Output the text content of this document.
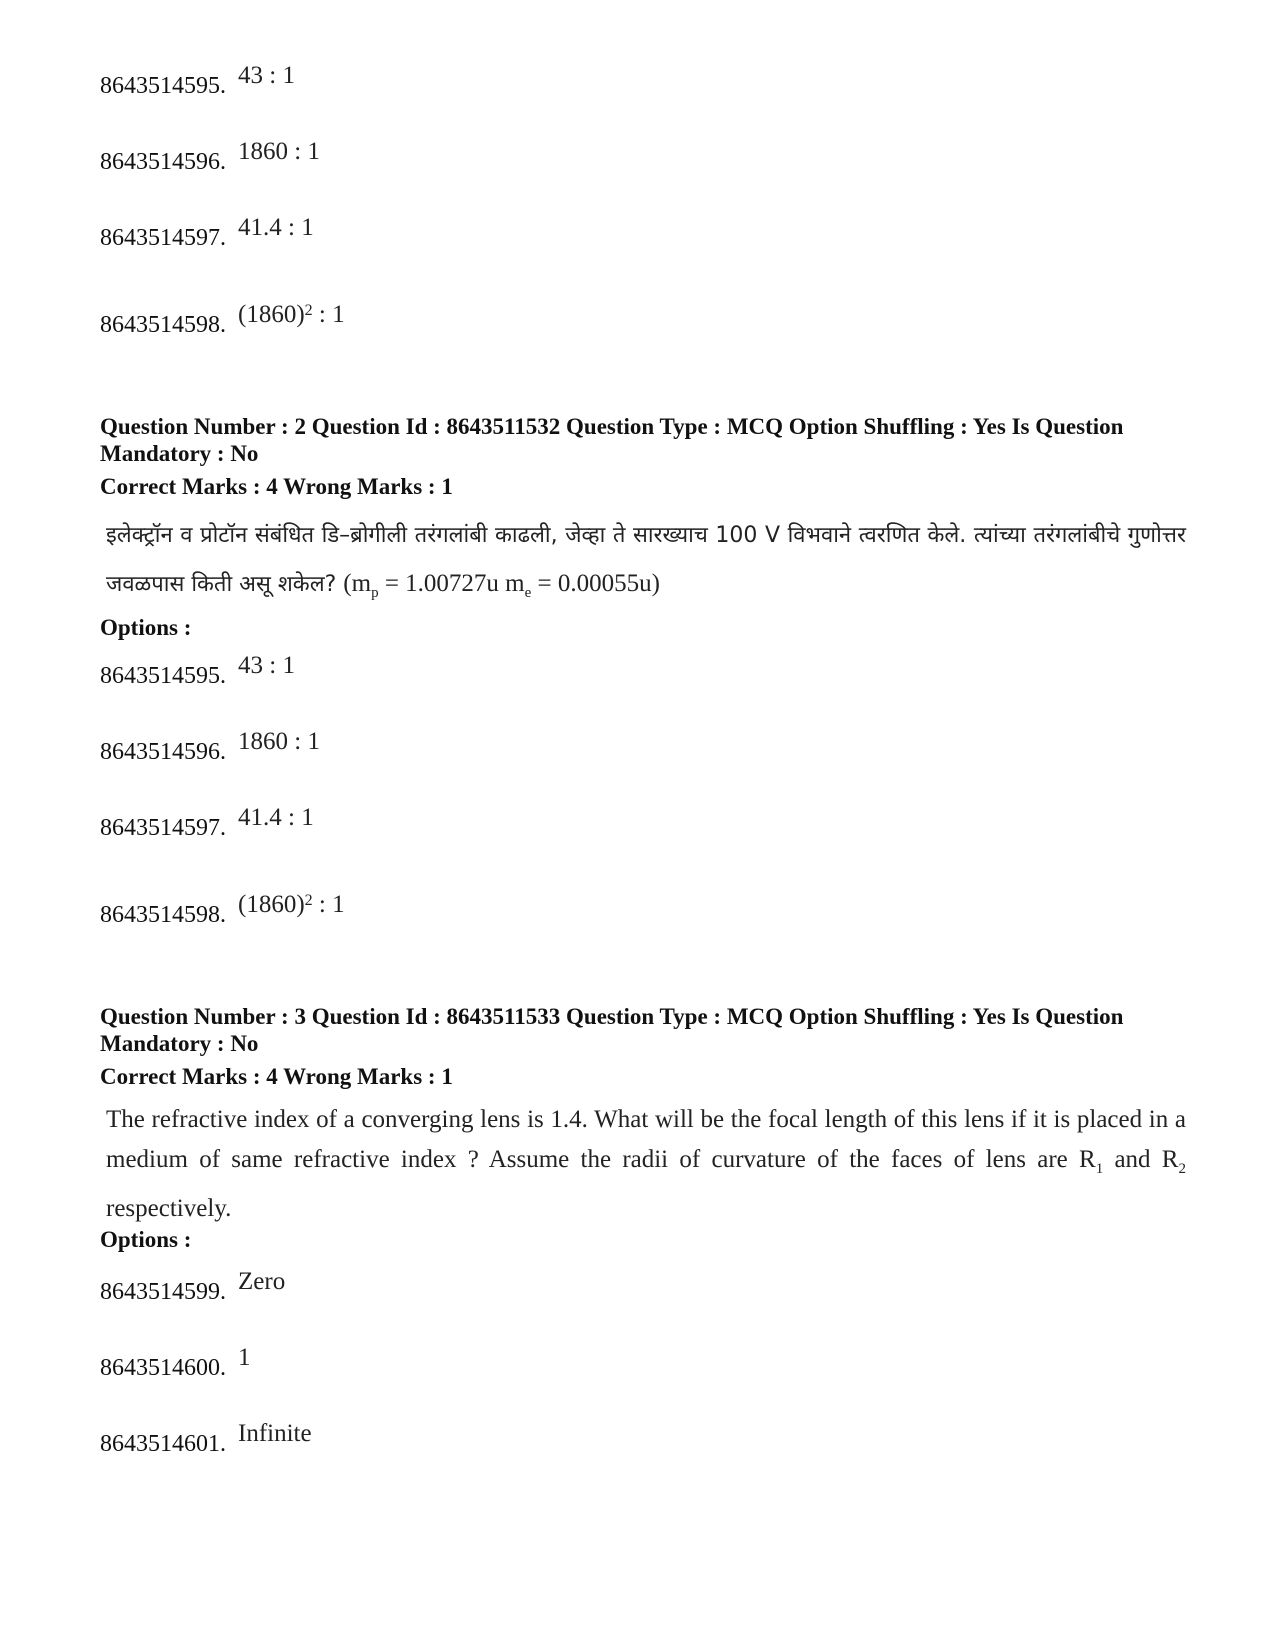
8643514595. 43 : 1
8643514596. 1860 : 1
8643514597. 41.4 : 1
8643514598. $(1860)^2$ : 1
Question Number : 2 Question Id : 8643511532 Question Type : MCQ Option Shuffling : Yes Is Question Mandatory : No
Correct Marks : 4 Wrong Marks : 1
इलेक्ट्रॉन व प्रोटॉन संबंधित डि–ब्रोगीली तरंगलांबी काढली, जेव्हा ते सारख्याच 100 V विभवाने त्वरणित केले. त्यांच्या तरंगलांबीचे गुणोत्तर जवळपास किती असू शकेल? ($m_p = 1.00727u$ $m_e = 0.00055u$)
Options :
8643514595. 43 : 1
8643514596. 1860 : 1
8643514597. 41.4 : 1
8643514598. $(1860)^2$ : 1
Question Number : 3 Question Id : 8643511533 Question Type : MCQ Option Shuffling : Yes Is Question Mandatory : No
Correct Marks : 4 Wrong Marks : 1
The refractive index of a converging lens is 1.4. What will be the focal length of this lens if it is placed in a medium of same refractive index ? Assume the radii of curvature of the faces of lens are $R_1$ and $R_2$ respectively.
Options :
8643514599. Zero
8643514600. 1
8643514601. Infinite
